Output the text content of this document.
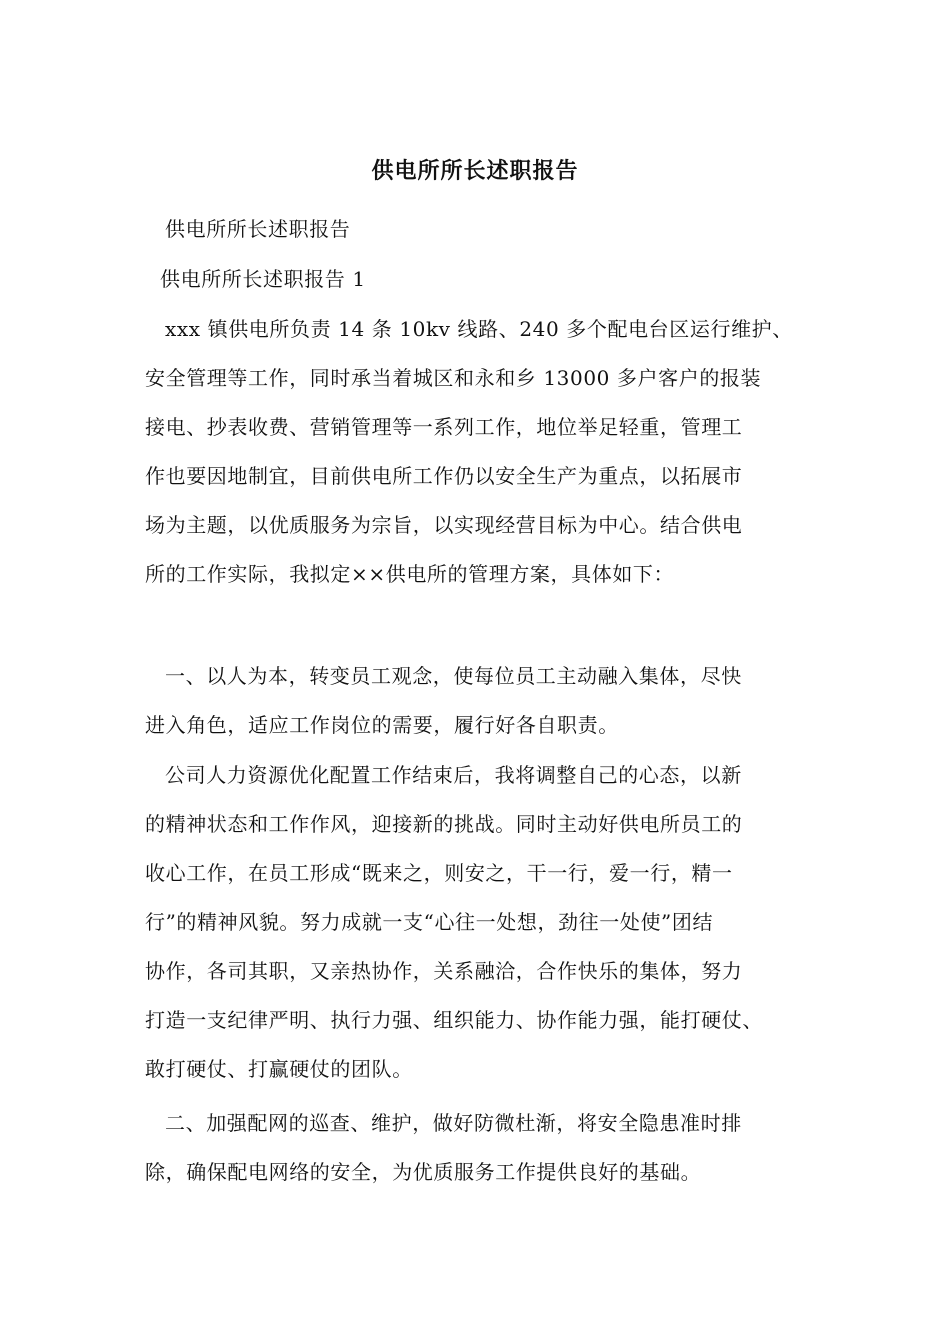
供电所所长述职报告
供电所所长述职报告
供电所所长述职报告 1
xxx 镇供电所负责 14 条 10kv 线路、240 多个配电台区运行维护、
安全管理等工作，同时承当着城区和永和乡 13000 多户客户的报装
接电、抄表收费、营销管理等一系列工作，地位举足轻重，管理工
作也要因地制宜，目前供电所工作仍以安全生产为重点，以拓展市
场为主题，以优质服务为宗旨，以实现经营目标为中心。结合供电
所的工作实际，我拟定××供电所的管理方案，具体如下：
一、以人为本，转变员工观念，使每位员工主动融入集体，尽快
进入角色，适应工作岗位的需要，履行好各自职责。
公司人力资源优化配置工作结束后，我将调整自己的心态，以新
的精神状态和工作作风，迎接新的挑战。同时主动好供电所员工的
收心工作，在员工形成“既来之，则安之，干一行，爱一行，精一
行”的精神风貌。努力成就一支“心往一处想，劲往一处使”团结
协作，各司其职，又亲热协作，关系融洽，合作快乐的集体，努力
打造一支纪律严明、执行力强、组织能力、协作能力强，能打硬仗、
敢打硬仗、打赢硬仗的团队。
二、加强配网的巡查、维护，做好防微杜渐，将安全隐患准时排
除，确保配电网络的安全，为优质服务工作提供良好的基础。
